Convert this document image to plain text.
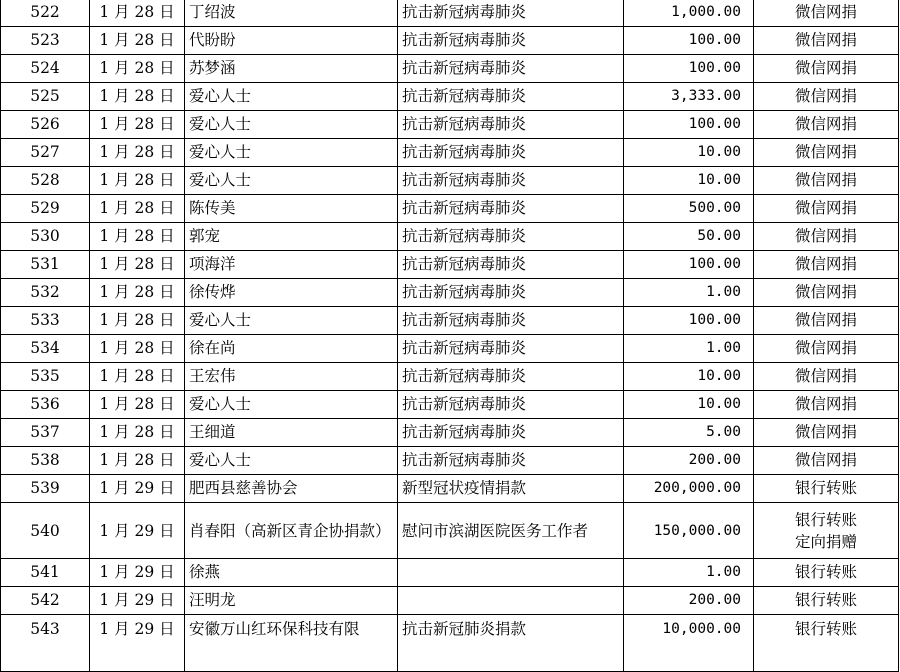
522	1 月 28 日	丁绍波	抗击新冠病毒肺炎	1,000.00	微信网捐
523	1 月 28 日	代盼盼	抗击新冠病毒肺炎	100.00	微信网捐
524	1 月 28 日	苏梦涵	抗击新冠病毒肺炎	100.00	微信网捐
525	1 月 28 日	爱心人士	抗击新冠病毒肺炎	3,333.00	微信网捐
526	1 月 28 日	爱心人士	抗击新冠病毒肺炎	100.00	微信网捐
527	1 月 28 日	爱心人士	抗击新冠病毒肺炎	10.00	微信网捐
528	1 月 28 日	爱心人士	抗击新冠病毒肺炎	10.00	微信网捐
529	1 月 28 日	陈传美	抗击新冠病毒肺炎	500.00	微信网捐
530	1 月 28 日	郭宠	抗击新冠病毒肺炎	50.00	微信网捐
531	1 月 28 日	项海洋	抗击新冠病毒肺炎	100.00	微信网捐
532	1 月 28 日	徐传烨	抗击新冠病毒肺炎	1.00	微信网捐
533	1 月 28 日	爱心人士	抗击新冠病毒肺炎	100.00	微信网捐
534	1 月 28 日	徐在尚	抗击新冠病毒肺炎	1.00	微信网捐
535	1 月 28 日	王宏伟	抗击新冠病毒肺炎	10.00	微信网捐
536	1 月 28 日	爱心人士	抗击新冠病毒肺炎	10.00	微信网捐
537	1 月 28 日	王细道	抗击新冠病毒肺炎	5.00	微信网捐
538	1 月 28 日	爱心人士	抗击新冠病毒肺炎	200.00	微信网捐
539	1 月 29 日	肥西县慈善协会	新型冠状疫情捐款	200,000.00	银行转账
540	1 月 29 日	肖春阳（高新区青企协捐款）	慰问市滨湖医院医务工作者	150,000.00	银行转账
定向捐赠

541	1 月 29 日	徐燕		1.00	银行转账
542	1 月 29 日	汪明龙		200.00	银行转账
543	1 月 29 日	安徽万山红环保科技有限	抗击新冠肺炎捐款	10,000.00	银行转账
